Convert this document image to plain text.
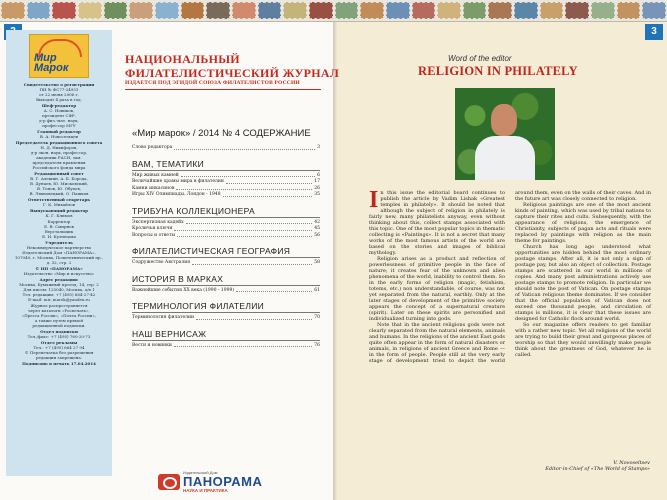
3
Мир
Марок

Свидетельство о регистрации
ПИ № ФС77-24951
от 22 июня 2006 г.
Выходит 4 раза в год.

Шеф-редактор
А. С. Новиков,
президент СФР,
д-р физ.-мат. наук,
профессор МГУ

Главный редактор
В. А. Новосельцев

Председатель редакционного совета
Н. Д. Никифоров,
д-р экон. наук, профессор,
академик РАСН, зам.
председателя правления
Российского фонда мира

Редакционный совет
В. Г. Алешин, А. Б. Борода,
В. Дунаев, Ю. Мисковский,
В. Тонов, Ю. Обухов,
В. Ляхновецкий, О. Пашков

Ответственный секретарь
Г. К. Михайлов

Выпускающий редактор
К. Г. Климов

Корректор
Е. В. Смирнов
Верстальщик
Е. И. Кузнецова

Учредитель
Некоммерческое партнерство
Издательский Дом «ПАНОРАМА»,
107040, г. Москва, Политехнический пр.,
д. 32, стр. 2

© НП «ПАНОРАМА»
Издательство «Мир и искусство»

Адрес редакции:
Москва, Бумажный проезд, 14, стр. 2
Для писем: 125040, Москва, а/я 1
Тел. редакции: +7 (495) 664-27-42
E-mail: mir_marok@yandex.ru

Журнал распространяется
через каталоги «Роспечать»,
«Пресса России», «Почта России»,
а также путем прямой
редакционной подписки.

Отдел подписки
Тел./факс: +7 (495) 760-20-73

Отдел рекламы
Тел.: +7 (495) 664 27 94
© Перепечатка без разрешения
редакции запрещена.

Подписано в печать 17.04.2014

НАЦИОНАЛЬНЫЙ
ФИЛАТЕЛИСТИЧЕСКИЙ ЖУРНАЛ
ИЗДАЕТСЯ ПОД ЭГИДОЙ СОЮЗА ФИЛАТЕЛИСТОВ РОССИИ
«Мир марок» / 2014 № 4 СОДЕРЖАНИЕ
Слово редактора	3
ВАМ, ТЕМАТИКИ
Мир живых камней	6
Величайшие храмы мира в филателии	17
Камни инкасинов	26
Игры XIV Олимпиады. Лондон - 1948	35
ТРИБУНА КОЛЛЕКЦИОНЕРА
Экспертизная кадейх	42
Кроличьи ключи	45
Вопросы и ответы	56
ФИЛАТЕЛИСТИЧЕСКАЯ ГЕОГРАФИЯ
Содружество Австралия	58
ИСТОРИЯ В МАРКАХ
Важнейшие события XX века (1990 - 1999)	61
ТЕРМИНОЛОГИЯ ФИЛАТЕЛИИ
Терминология филателии	70
НАШ ВЕРНИСАЖ
Вести и новинки	76
Издательский Дом
ПАНОРАМА
НАУКА И ПРАКТИКА
Word of the editor
RELIGION IN PHILATELY

In this issue the editorial board continues to publish the article by Vadim Lishak «Greatest temples in philately». It should be noted that although the subject of religion in philately is fairly new, many philatelists anyway, even without thinking about this, collect stamps associated with this topic. One of the most popular topics in thematic collecting is «Paintings». It is not a secret that many works of the most famous artists of the world are based on the stories and images of biblical mythology.

Religion arises as a product and reflection of powerlessness of primitive people in the face of nature; it creates fear of the unknown and alien phenomena of the world, inability to control them. So in the early forms of religion (magic, fetishism, totems, etc.) non understandable, of course, was not yet separated from the natural, earthly. Only at the later stages of development of the primitive society appears the concept of a supernatural creature (spirit). Later on these spirits are personified and individualized turning into gods.

Note that in the ancient religions gods were not clearly separated from the natural elements, animals and humans. In the religions of the ancient East gods quite often appear in the form of natural disasters or animals, in religions of ancient Greece and Rome — in the form of people. People still at the very early stage of development tried to depict the world around them, even on the walls of their caves. And in the future art was closely connected to religion.

Religious paintings are one of the most ancient kinds of painting, which was used by tribal nations to capture their rites and cults. Subsequently, with the appearance of religions, the emergence of Christianity, subjects of pagan acts and rituals were replaced by paintings with religion as the main theme for paintings.

Church has long ago understood what opportunities are hidden behind the most ordinary postage stamps. After all, it is not only a sign of postage pay, but also an object of collection. Postage stamps are scattered in our world in millions of copies. And many post administrations actively use postage stamps to promote religion. In particular we should note the post of Vatican. On postage stamps of Vatican religious theme dominates. If we consider that the official population of Vatican does not exceed one thousand people, and circulation of stamps is millions, it is clear that these issues are designed for Catholic flock around world.

So our magazine offers readers to get familiar with a rather new topic. Yet all religions of the world are trying to build their great and gorgeous places of worship so that they would unwillingly make people think about the greatness of God, whatever he is called.

V. Novoseltsev
Editor-in-Chief of «The World of Stamps»
